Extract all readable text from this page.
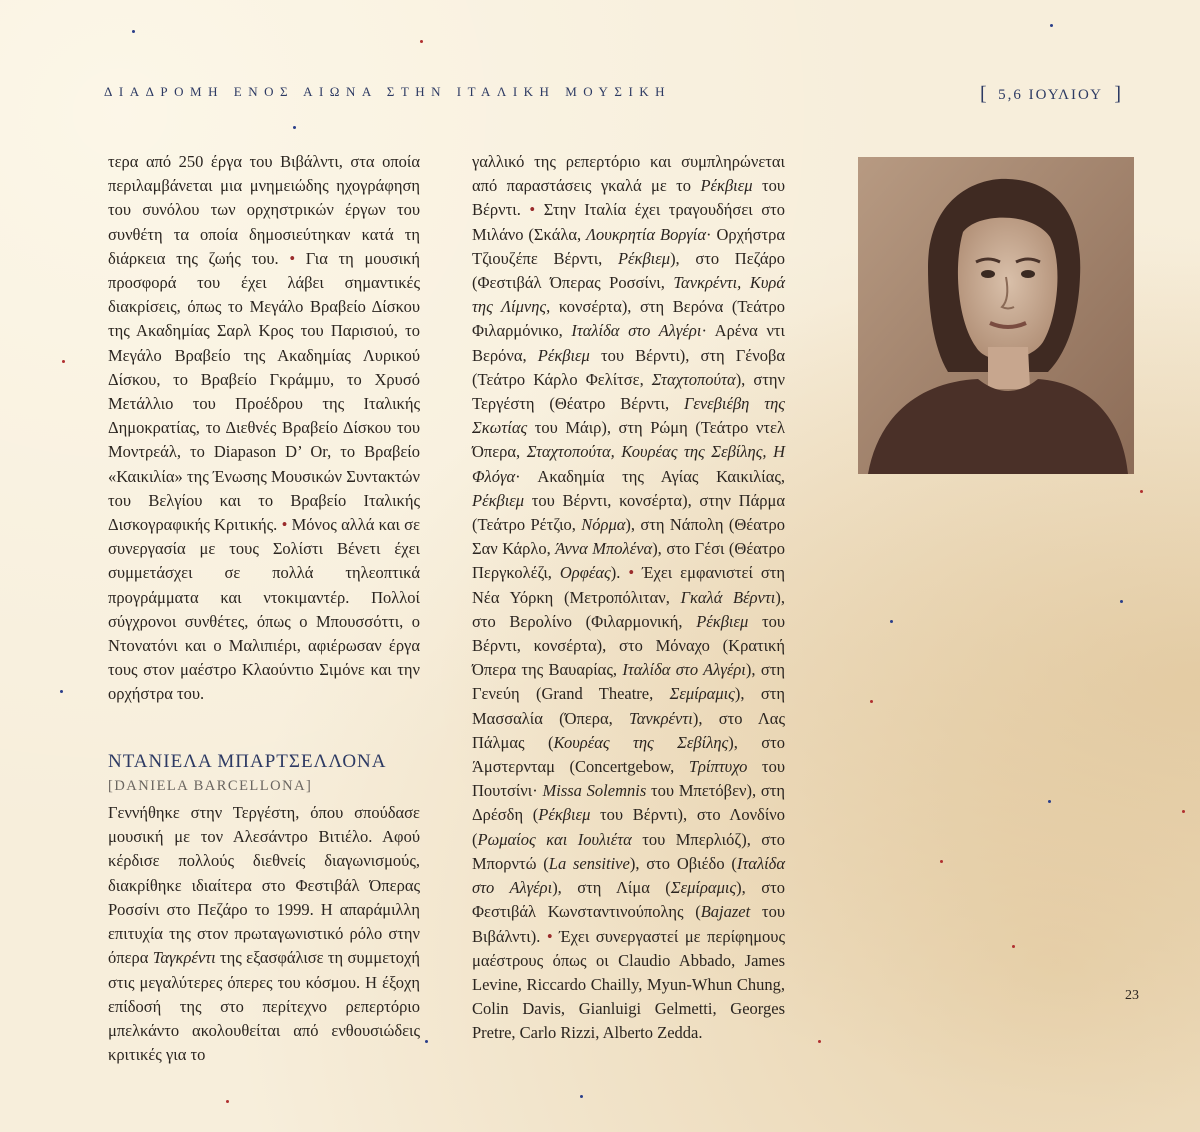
ΔΙΑΔΡΟΜΗ ΕΝΟΣ ΑΙΩΝΑ ΣΤΗΝ ΙΤΑΛΙΚΗ ΜΟΥΣΙΚΗ	[ 5,6 ΙΟΥΛΙΟΥ ]

τερα από 250 έργα του Βιβάλντι, στα οποία περιλαμβάνεται μια μνημειώδης ηχογράφηση του συνόλου των ορχηστρικών έργων του συνθέτη τα οποία δημοσιεύτηκαν κατά τη διάρκεια της ζωής του. • Για τη μουσική προσφορά του έχει λάβει σημαντικές διακρίσεις, όπως το Μεγάλο Βραβείο Δίσκου της Ακαδημίας Σαρλ Κρος του Παρισιού, το Μεγάλο Βραβείο της Ακαδημίας Λυρικού Δίσκου, το Βραβείο Γκράμμυ, το Χρυσό Μετάλλιο του Προέδρου της Ιταλικής Δημοκρατίας, το Διεθνές Βραβείο Δίσκου του Μοντρεάλ, το Diapason D’ Or, το Βραβείο «Καικιλία» της Ένωσης Μουσικών Συντακτών του Βελγίου και το Βραβείο Ιταλικής Δισκογραφικής Κριτικής. • Μόνος αλλά και σε συνεργασία με τους Σολίστι Βένετι έχει συμμετάσχει σε πολλά τηλεοπτικά προγράμματα και ντοκιμαντέρ. Πολλοί σύγχρονοι συνθέτες, όπως ο Μπουσσόττι, ο Ντονατόνι και ο Μαλιπιέρι, αφιέρωσαν έργα τους στον μαέστρο Κλαούντιο Σιμόνε και την ορχήστρα του.

ΝΤΑΝΙΕΛΑ ΜΠΑΡΤΣΕΛΛΟΝΑ
[DANIELA BARCELLONA]

Γεννήθηκε στην Τεργέστη, όπου σπούδασε μουσική με τον Αλεσάντρο Βιτιέλο. Αφού κέρδισε πολλούς διεθνείς διαγωνισμούς, διακρίθηκε ιδιαίτερα στο Φεστιβάλ Όπερας Ροσσίνι στο Πεζάρο το 1999. Η απαράμιλλη επιτυχία της στον πρωταγωνιστικό ρόλο στην όπερα Ταγκρέντι της εξασφάλισε τη συμμετοχή στις μεγαλύτερες όπερες του κόσμου. Η έξοχη επίδοσή της στο περίτεχνο ρεπερτόριο μπελκάντο ακολουθείται από ενθουσιώδεις κριτικές για το

γαλλικό της ρεπερτόριο και συμπληρώνεται από παραστάσεις γκαλά με το Ρέκβιεμ του Βέρντι. • Στην Ιταλία έχει τραγουδήσει στο Μιλάνο (Σκάλα, Λουκρητία Βοργία· Ορχήστρα Τζιουζέπε Βέρντι, Ρέκβιεμ), στο Πεζάρο (Φεστιβάλ Όπερας Ροσσίνι, Τανκρέντι, Κυρά της Λίμνης, κονσέρτα), στη Βερόνα (Τεάτρο Φιλαρμόνικο, Ιταλίδα στο Αλγέρι· Αρένα ντι Βερόνα, Ρέκβιεμ του Βέρντι), στη Γένοβα (Τεάτρο Κάρλο Φελίτσε, Σταχτοπούτα), στην Τεργέστη (Θέατρο Βέρντι, Γενεβιέβη της Σκωτίας του Μάιρ), στη Ρώμη (Τεάτρο ντελ Όπερα, Σταχτοπούτα, Κουρέας της Σεβίλης, Η Φλόγα· Ακαδημία της Αγίας Καικιλίας, Ρέκβιεμ του Βέρντι, κονσέρτα), στην Πάρμα (Τεάτρο Ρέτζιο, Νόρμα), στη Νάπολη (Θέατρο Σαν Κάρλο, Άννα Μπολένα), στο Γέσι (Θέατρο Περγκολέζι, Ορφέας). • Έχει εμφανιστεί στη Νέα Υόρκη (Μετροπόλιταν, Γκαλά Βέρντι), στο Βερολίνο (Φιλαρμονική, Ρέκβιεμ του Βέρντι, κονσέρτα), στο Μόναχο (Κρατική Όπερα της Βαυαρίας, Ιταλίδα στο Αλγέρι), στη Γενεύη (Grand Theatre, Σεμίραμις), στη Μασσαλία (Όπερα, Τανκρέντι), στο Λας Πάλμας (Κουρέας της Σεβίλης), στο Άμστερνταμ (Concertgebow, Τρίπτυχο του Πουτσίνι· Missa Solemnis του Μπετόβεν), στη Δρέσδη (Ρέκβιεμ του Βέρντι), στο Λονδίνο (Ρωμαίος και Ιουλιέτα του Μπερλιόζ), στο Μπορντώ (La sensitive), στο Οβιέδο (Ιταλίδα στο Αλγέρι), στη Λίμα (Σεμίραμις), στο Φεστιβάλ Κωνσταντινούπολης (Bajazet του Βιβάλντι). • Έχει συνεργαστεί με περίφημους μαέστρους όπως οι Claudio Abbado, James Levine, Riccardo Chailly, Myun-Whun Chung, Colin Davis, Gianluigi Gelmetti, Georges Pretre, Carlo Rizzi, Alberto Zedda.

23
